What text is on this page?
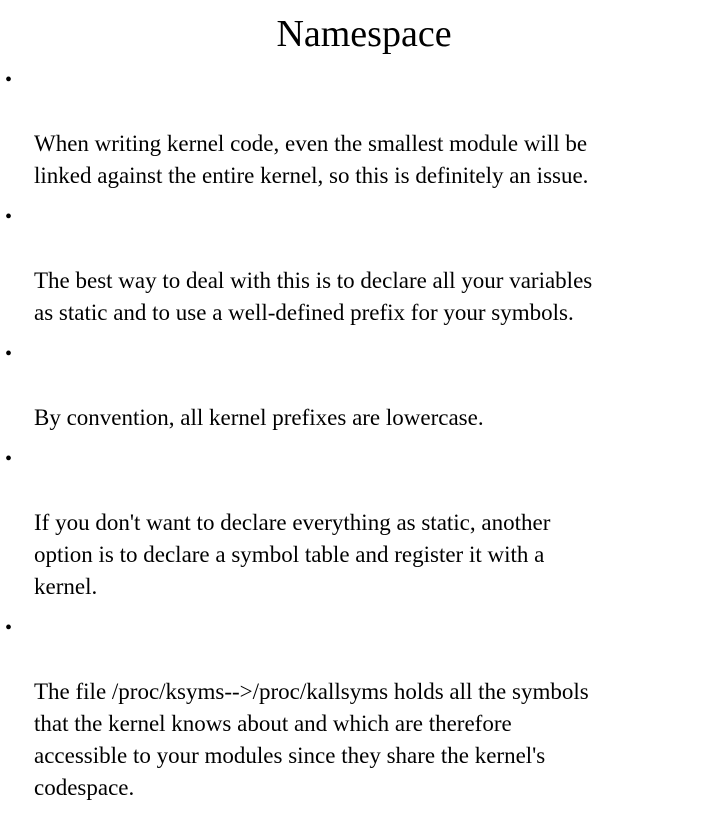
Namespace

•

When writing kernel code, even the smallest module will be
linked against the entire kernel, so this is definitely an issue.

•

The best way to deal with this is to declare all your variables
as static and to use a well-defined prefix for your symbols.

•

By convention, all kernel prefixes are lowercase.

•

If you don't want to declare everything as static, another
option is to declare a symbol table and register it with a
kernel.

•

The file /proc/ksyms-->/proc/kallsyms holds all the symbols
that the kernel knows about and which are therefore
accessible to your modules since they share the kernel's
codespace.
